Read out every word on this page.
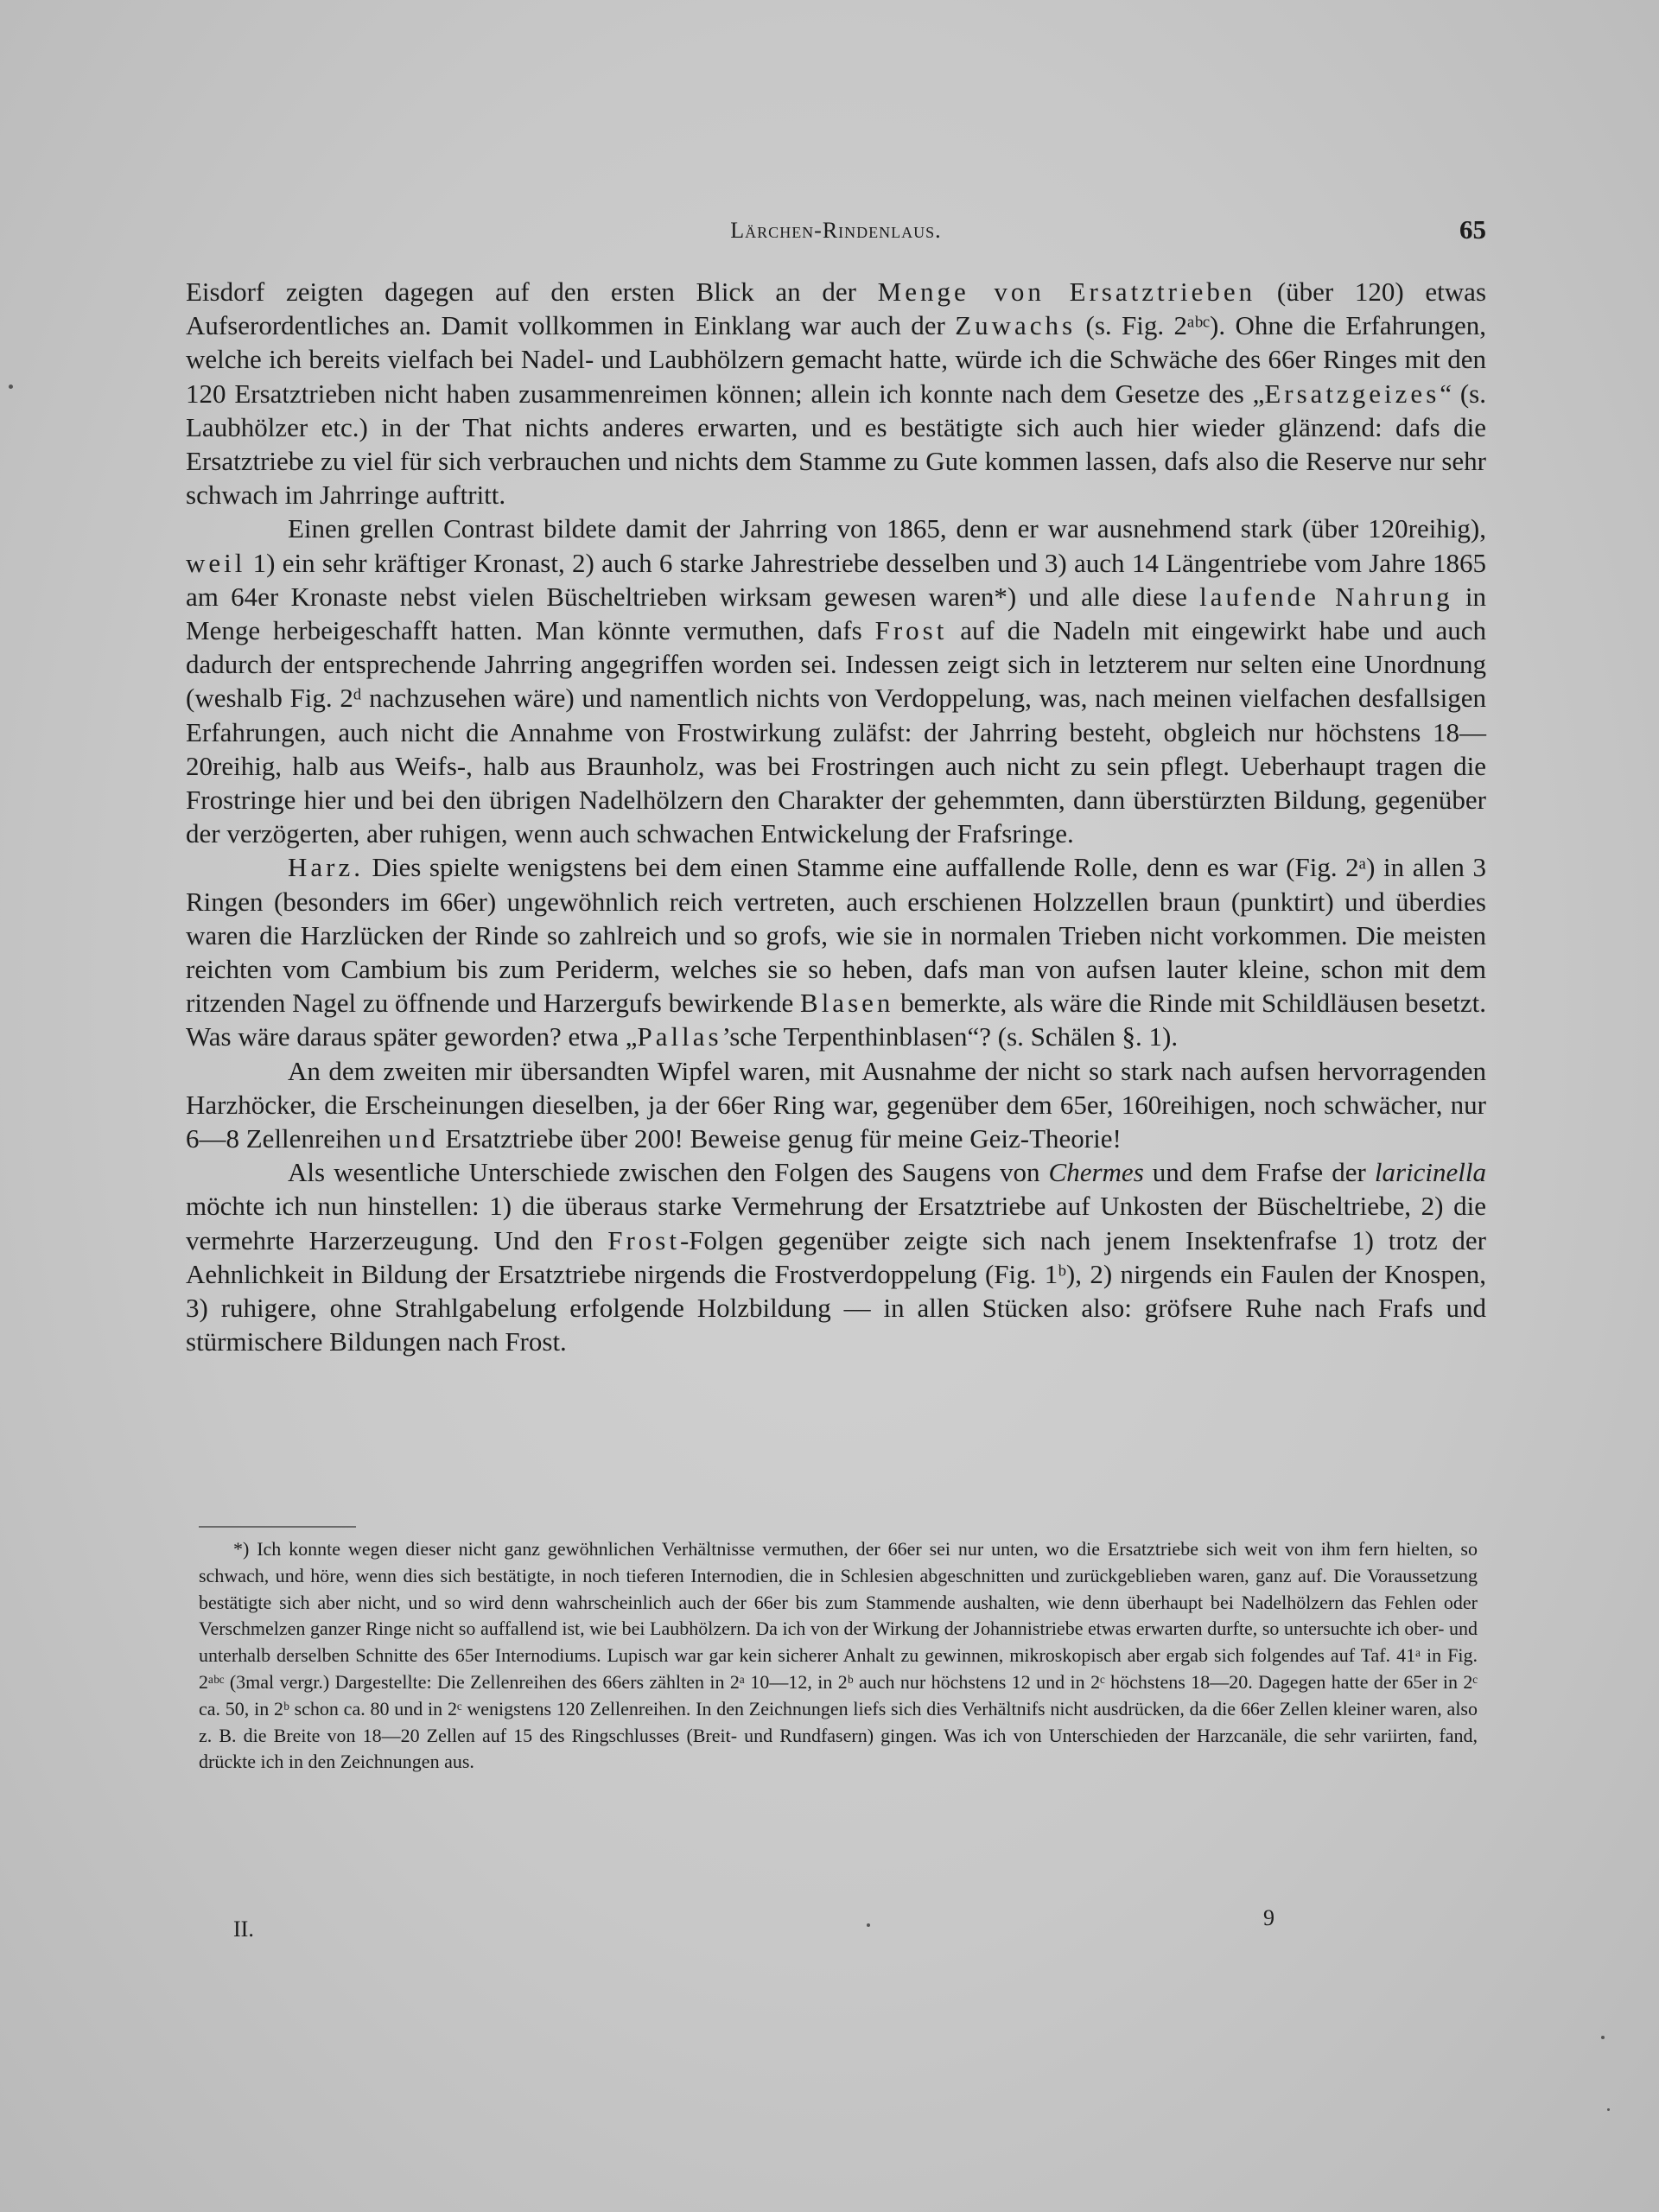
Lärchen-Rindenlaus.	65

Eisdorf zeigten dagegen auf den ersten Blick an der Menge von Ersatztrieben (über 120) etwas Aufserordentliches an. Damit vollkommen in Einklang war auch der Zuwachs (s. Fig. 2ᵃᵇᶜ). Ohne die Erfahrungen, welche ich bereits vielfach bei Nadel- und Laubhölzern gemacht hatte, würde ich die Schwäche des 66er Ringes mit den 120 Ersatztrieben nicht haben zusammenreimen können; allein ich konnte nach dem Gesetze des „Ersatzgeizes“ (s. Laubhölzer etc.) in der That nichts anderes erwarten, und es bestätigte sich auch hier wieder glänzend: dafs die Ersatztriebe zu viel für sich verbrauchen und nichts dem Stamme zu Gute kommen lassen, dafs also die Reserve nur sehr schwach im Jahrringe auftritt.

Einen grellen Contrast bildete damit der Jahrring von 1865, denn er war ausnehmend stark (über 120reihig), weil 1) ein sehr kräftiger Kronast, 2) auch 6 starke Jahrestriebe desselben und 3) auch 14 Längentriebe vom Jahre 1865 am 64er Kronaste nebst vielen Büscheltrieben wirksam gewesen waren*) und alle diese laufende Nahrung in Menge herbeigeschafft hatten. Man könnte vermuthen, dafs Frost auf die Nadeln mit eingewirkt habe und auch dadurch der entsprechende Jahrring angegriffen worden sei. Indessen zeigt sich in letzterem nur selten eine Unordnung (weshalb Fig. 2ᵈ nachzusehen wäre) und namentlich nichts von Verdoppelung, was, nach meinen vielfachen desfallsigen Erfahrungen, auch nicht die Annahme von Frostwirkung zuläfst: der Jahrring besteht, obgleich nur höchstens 18—20reihig, halb aus Weifs-, halb aus Braunholz, was bei Frostringen auch nicht zu sein pflegt. Ueberhaupt tragen die Frostringe hier und bei den übrigen Nadelhölzern den Charakter der gehemmten, dann überstürzten Bildung, gegenüber der verzögerten, aber ruhigen, wenn auch schwachen Entwickelung der Frafsringe.

Harz. Dies spielte wenigstens bei dem einen Stamme eine auffallende Rolle, denn es war (Fig. 2ᵃ) in allen 3 Ringen (besonders im 66er) ungewöhnlich reich vertreten, auch erschienen Holzzellen braun (punktirt) und überdies waren die Harzlücken der Rinde so zahlreich und so grofs, wie sie in normalen Trieben nicht vorkommen. Die meisten reichten vom Cambium bis zum Periderm, welches sie so heben, dafs man von aufsen lauter kleine, schon mit dem ritzenden Nagel zu öffnende und Harzergufs bewirkende Blasen bemerkte, als wäre die Rinde mit Schildläusen besetzt. Was wäre daraus später geworden? etwa „Pallas’sche Terpenthinblasen“? (s. Schälen §. 1).

An dem zweiten mir übersandten Wipfel waren, mit Ausnahme der nicht so stark nach aufsen hervorragenden Harzhöcker, die Erscheinungen dieselben, ja der 66er Ring war, gegenüber dem 65er, 160reihigen, noch schwächer, nur 6—8 Zellenreihen und Ersatztriebe über 200! Beweise genug für meine Geiz-Theorie!

Als wesentliche Unterschiede zwischen den Folgen des Saugens von Chermes und dem Frafse der laricinella möchte ich nun hinstellen: 1) die überaus starke Vermehrung der Ersatztriebe auf Unkosten der Büscheltriebe, 2) die vermehrte Harzerzeugung. Und den Frost-Folgen gegenüber zeigte sich nach jenem Insektenfrafse 1) trotz der Aehnlichkeit in Bildung der Ersatztriebe nirgends die Frostverdoppelung (Fig. 1ᵇ), 2) nirgends ein Faulen der Knospen, 3) ruhigere, ohne Strahlgabelung erfolgende Holzbildung — in allen Stücken also: gröfsere Ruhe nach Frafs und stürmischere Bildungen nach Frost.

*) Ich konnte wegen dieser nicht ganz gewöhnlichen Verhältnisse vermuthen, der 66er sei nur unten, wo die Ersatztriebe sich weit von ihm fern hielten, so schwach, und höre, wenn dies sich bestätigte, in noch tieferen Internodien, die in Schlesien abgeschnitten und zurückgeblieben waren, ganz auf. Die Voraussetzung bestätigte sich aber nicht, und so wird denn wahrscheinlich auch der 66er bis zum Stammende aushalten, wie denn überhaupt bei Nadelhölzern das Fehlen oder Verschmelzen ganzer Ringe nicht so auffallend ist, wie bei Laubhölzern. Da ich von der Wirkung der Johannistriebe etwas erwarten durfte, so untersuchte ich ober- und unterhalb derselben Schnitte des 65er Internodiums. Lupisch war gar kein sicherer Anhalt zu gewinnen, mikroskopisch aber ergab sich folgendes auf Taf. 41ᵃ in Fig. 2ᵃᵇᶜ (3mal vergr.) Dargestellte: Die Zellenreihen des 66ers zählten in 2ᵃ 10—12, in 2ᵇ auch nur höchstens 12 und in 2ᶜ höchstens 18—20. Dagegen hatte der 65er in 2ᶜ ca. 50, in 2ᵇ schon ca. 80 und in 2ᶜ wenigstens 120 Zellenreihen. In den Zeichnungen liefs sich dies Verhältnifs nicht ausdrücken, da die 66er Zellen kleiner waren, also z. B. die Breite von 18—20 Zellen auf 15 des Ringschlusses (Breit- und Rundfasern) gingen. Was ich von Unterschieden der Harzcanäle, die sehr variirten, fand, drückte ich in den Zeichnungen aus.

II.	9
